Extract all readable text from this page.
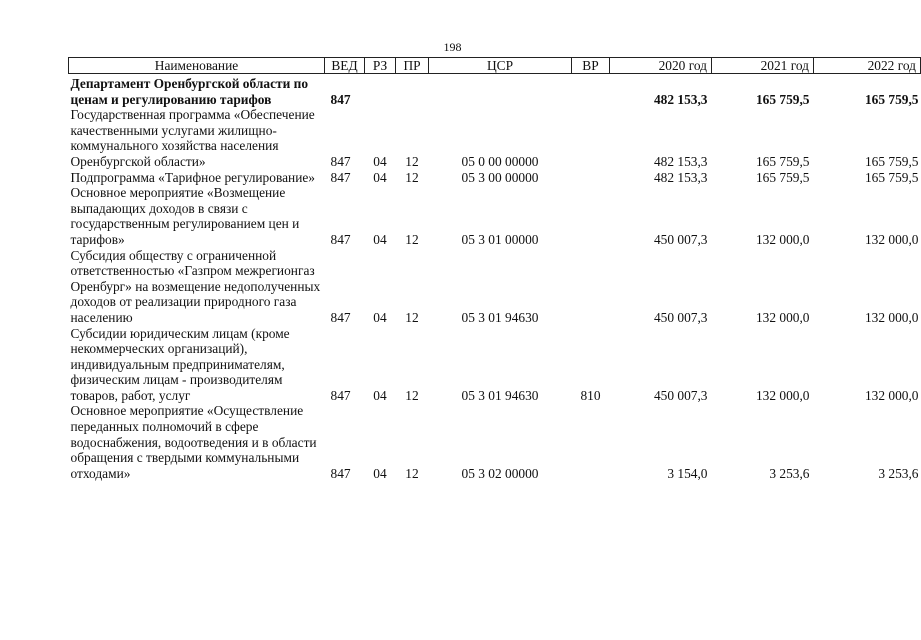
198
Наименование	ВЕД	РЗ	ПР	ЦСР	ВР	2020 год	2021 год	2022 год
Департамент Оренбургской области по ценам и регулированию тарифов	847					482 153,3	165 759,5	165 759,5
Государственная программа «Обеспечение качественными услугами жилищно-коммунального хозяйства населения Оренбургской области»	847	04	12	05 0 00 00000		482 153,3	165 759,5	165 759,5
Подпрограмма «Тарифное регулирование»	847	04	12	05 3 00 00000		482 153,3	165 759,5	165 759,5
Основное мероприятие «Возмещение выпадающих доходов в связи с государственным регулированием цен и тарифов»	847	04	12	05 3 01 00000		450 007,3	132 000,0	132 000,0
Субсидия обществу с ограниченной ответственностью «Газпром межрегионгаз Оренбург» на возмещение недополученных доходов от реализации природного газа населению	847	04	12	05 3 01 94630		450 007,3	132 000,0	132 000,0
Субсидии юридическим лицам (кроме некоммерческих организаций), индивидуальным предпринимателям, физическим лицам - производителям товаров, работ, услуг	847	04	12	05 3 01 94630	810	450 007,3	132 000,0	132 000,0
Основное мероприятие «Осуществление переданных полномочий в сфере водоснабжения, водоотведения и в области обращения с твердыми коммунальными отходами»	847	04	12	05 3 02 00000		3 154,0	3 253,6	3 253,6
